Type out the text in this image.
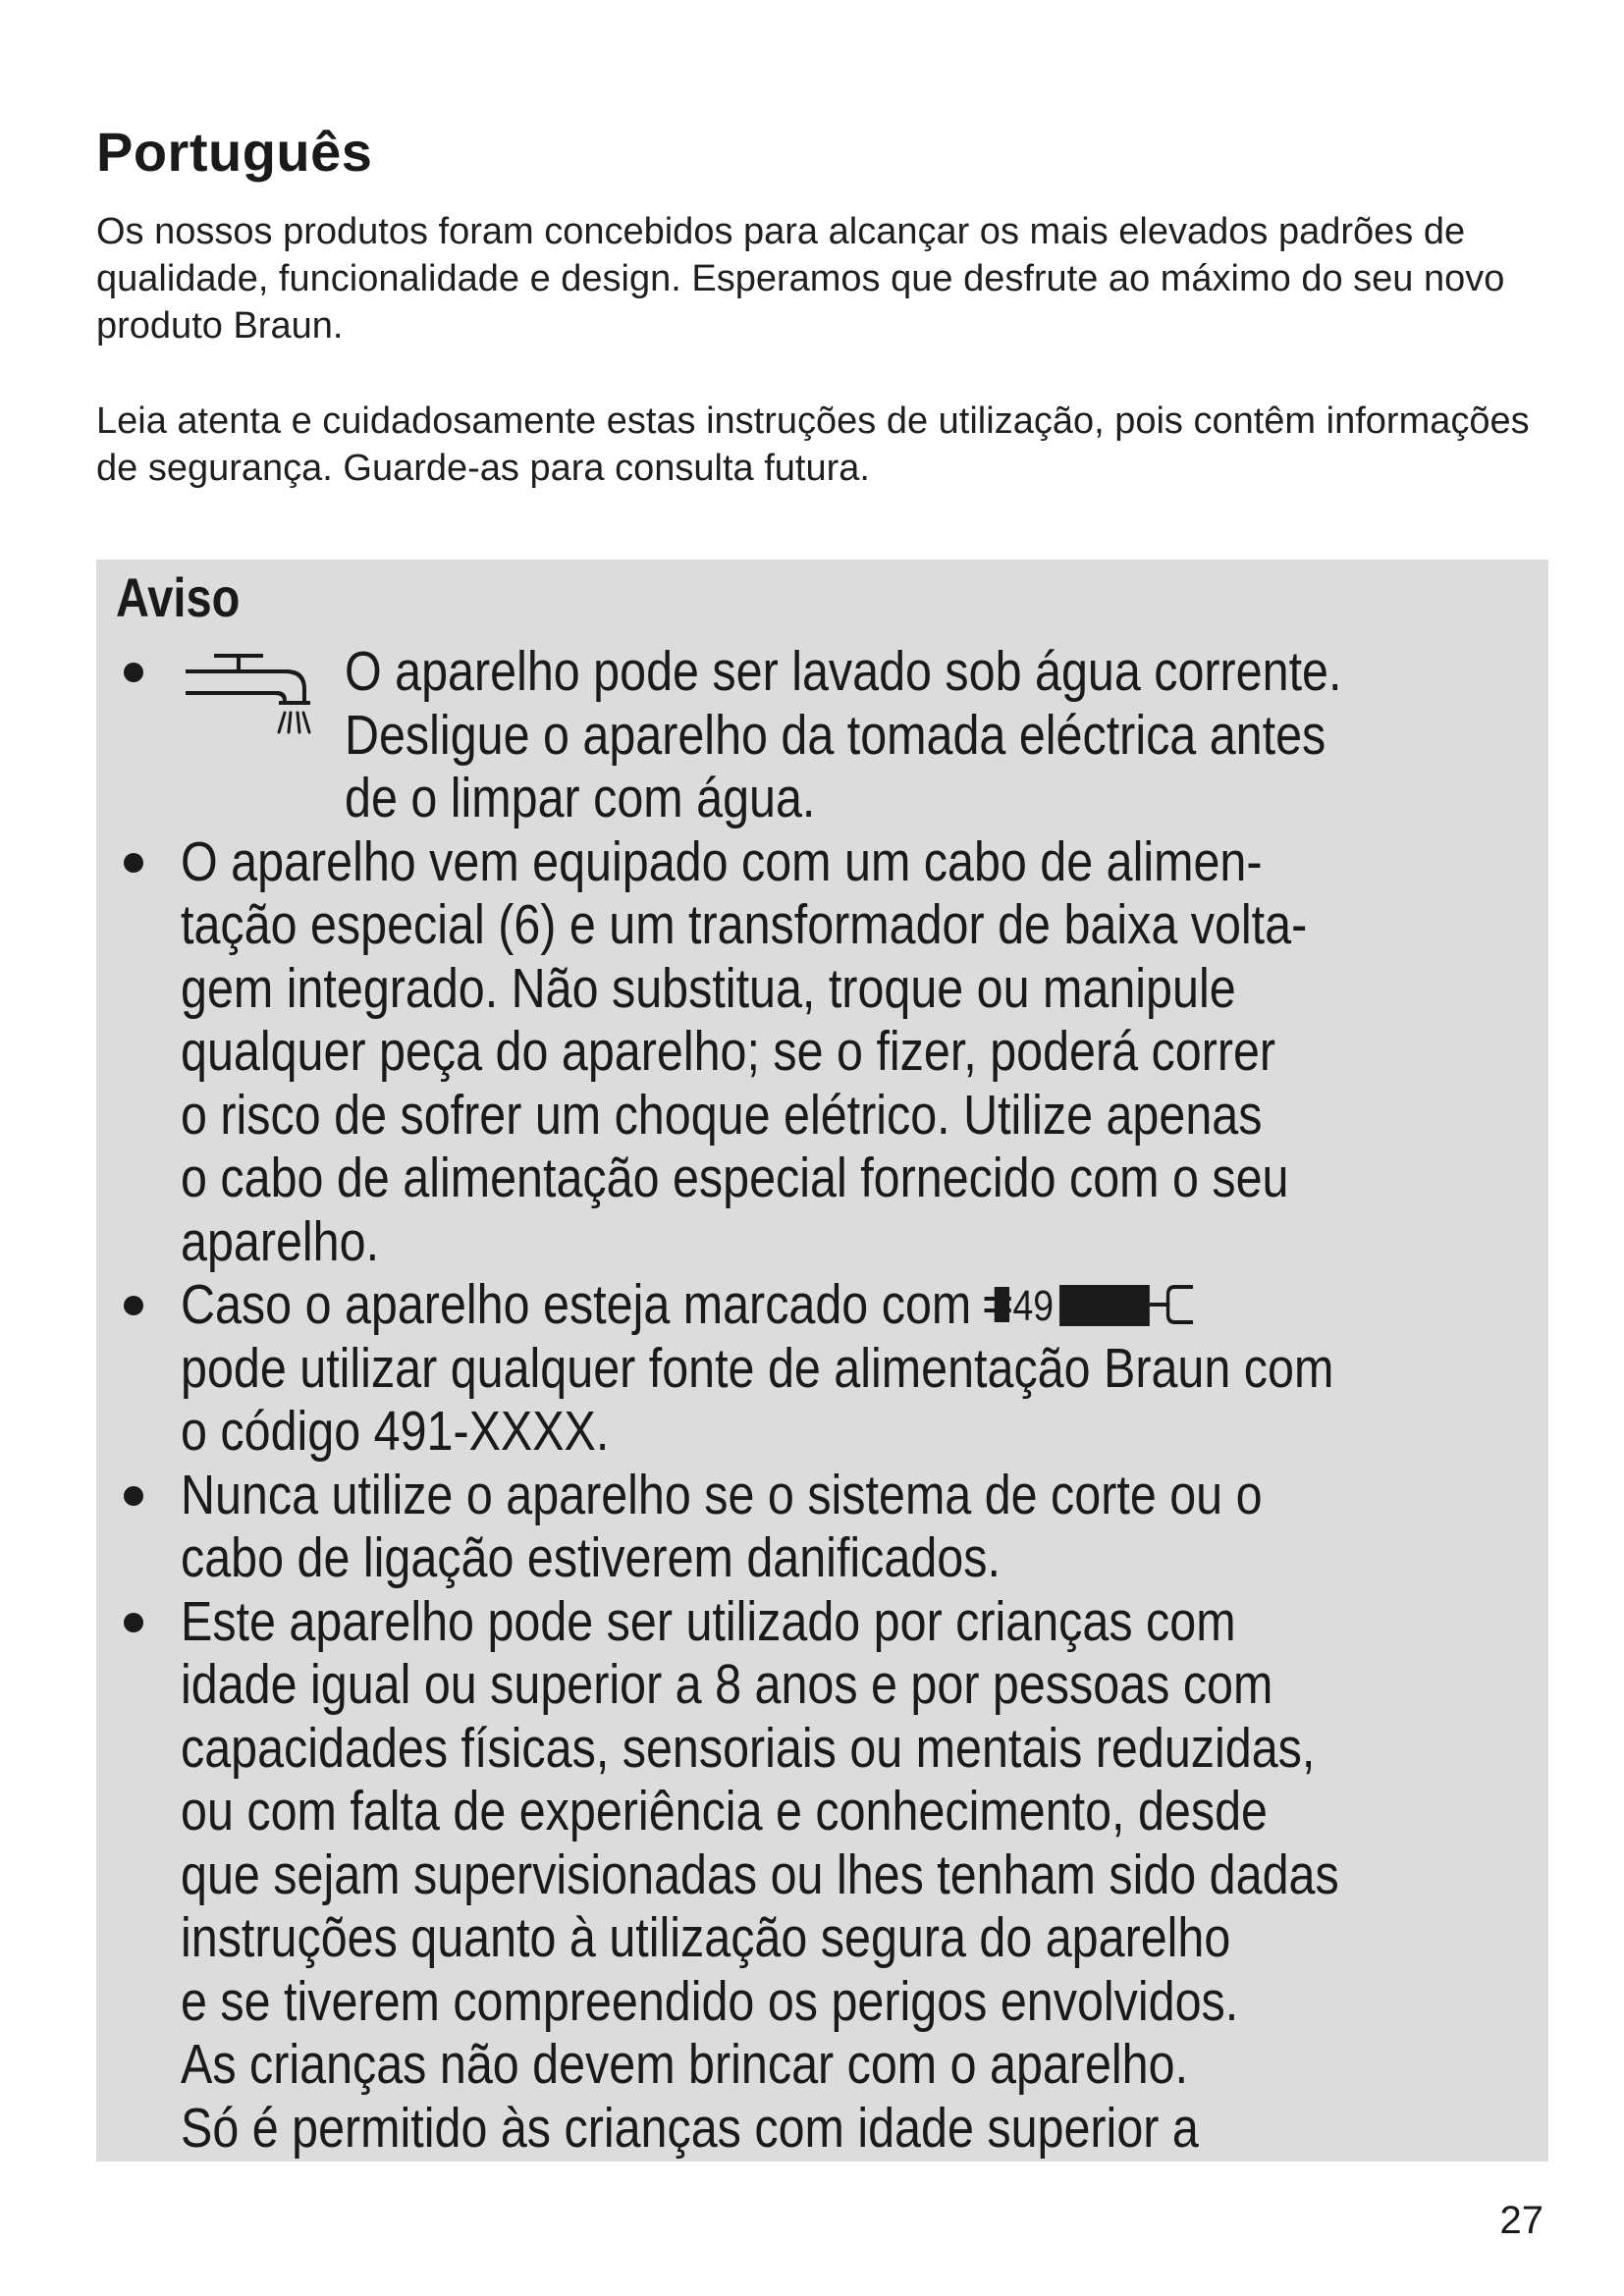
Português

Os nossos produtos foram concebidos para alcançar os mais elevados padrões de qualidade, funcionalidade e design. Esperamos que desfrute ao máximo do seu novo produto Braun.

Leia atenta e cuidadosamente estas instruções de utilização, pois contêm informações de segurança. Guarde-as para consulta futura.

Aviso
O aparelho pode ser lavado sob água corrente.
Desligue o aparelho da tomada eléctrica antes
de o limpar com água.
O aparelho vem equipado com um cabo de alimen-
tação especial (6) e um transformador de baixa volta-
gem integrado. Não substitua, troque ou manipule
qualquer peça do aparelho; se o fizer, poderá correr
o risco de sofrer um choque elétrico. Utilize apenas
o cabo de alimentação especial fornecido com o seu
aparelho.
Caso o aparelho esteja marcado com 49
pode utilizar qualquer fonte de alimentação Braun com
o código 491-XXXX.
Nunca utilize o aparelho se o sistema de corte ou o
cabo de ligação estiverem danificados.
Este aparelho pode ser utilizado por crianças com
idade igual ou superior a 8 anos e por pessoas com
capacidades físicas, sensoriais ou mentais reduzidas,
ou com falta de experiência e conhecimento, desde
que sejam supervisionadas ou lhes tenham sido dadas
instruções quanto à utilização segura do aparelho
e se tiverem compreendido os perigos envolvidos.
As crianças não devem brincar com o aparelho.
Só é permitido às crianças com idade superior a

27
